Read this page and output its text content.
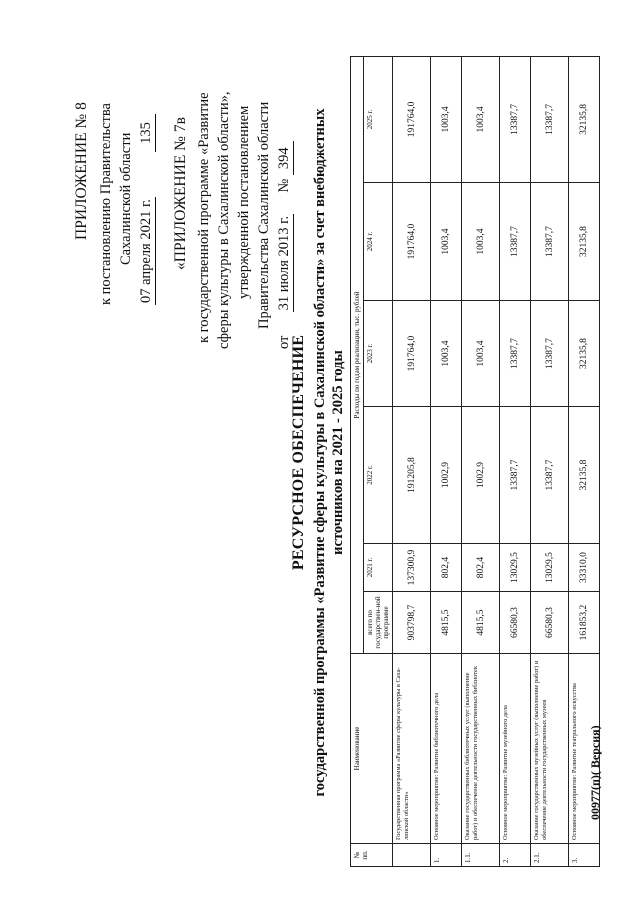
ПРИЛОЖЕНИЕ № 8 к постановлению Правительства Сахалинской области 07 апреля 2021 г.  135 «ПРИЛОЖЕНИЕ № 7в к государственной программе «Развитие сферы культуры в Сахалинской области», утвержденной постановлением Правительства Сахалинской области
от  31 июля 2013 г.  № 394
РЕСУРСНОЕ ОБЕСПЕЧЕНИЕ государственной программы «Развитие сферы культуры в Сахалинской области» за счет внебюджетных источников на 2021 - 2025 годы
№ пп.	Наименование	Расходы по годам реализации, тыс. рублей					
		всего по государствен-ной программе	2021 г.	2022 г.	2023 г.	2024 г.	2025 г.
	Государственная программа «Развитие сферы культуры в Саха-линской области»	903798,7	137300,9	191205,8	191764,0	191764,0	191764,0
1.	Основное мероприятие: Развитие библиотечного дела	4815,5	802,4	1002,9	1003,4	1003,4	1003,4
1.1.	Оказание государственных библиотечных услуг (выполнение работ) и обеспечение деятельности государственных библиотек	4815,5	802,4	1002,9	1003,4	1003,4	1003,4
2.	Основное мероприятие: Развитие музейного дела	66580,3	13029,5	13387,7	13387,7	13387,7	13387,7
2.1.	Оказание государственных музейных услуг (выполнение работ) и обеспечение деятельности государственных музеев	66580,3	13029,5	13387,7	13387,7	13387,7	13387,7
3.	Основное мероприятие: Развитие театрального искусства	161853,2	33310,0	32135,8	32135,8	32135,8	32135,8
00977(п)( Версия)
